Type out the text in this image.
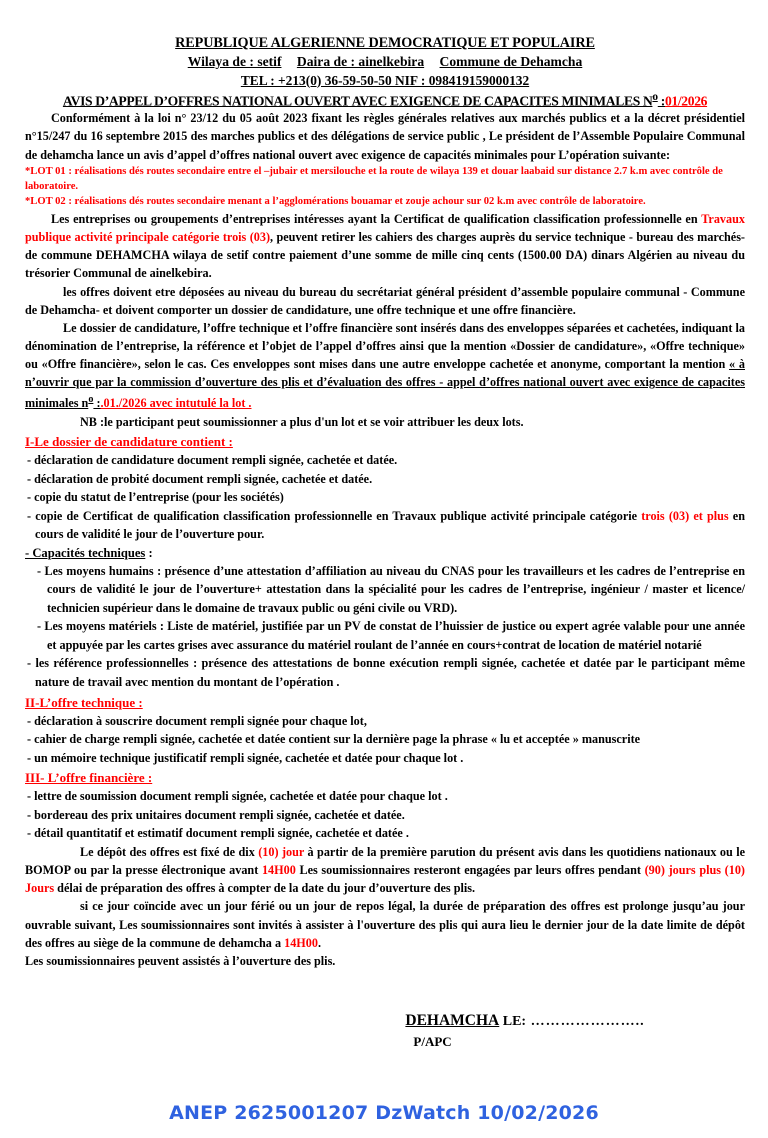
REPUBLIQUE ALGERIENNE DEMOCRATIQUE ET POPULAIRE
Wilaya de : setif Daira de : ainelkebira Commune de Dehamcha
TEL : +213(0) 36-59-50-50 NIF : 098419159000132
AVIS D’APPEL D’OFFRES NATIONAL OUVERT AVEC EXIGENCE DE CAPACITES MINIMALES $N^o$ :01/2026

Conformément à la loi n° 23/12 du 05 août 2023 fixant les règles générales relatives aux marchés publics et a la décret présidentiel n°15/247 du 16 septembre 2015 des marches publics et des délégations de service public , Le président de l’Assemble Populaire Communal de dehamcha lance un avis d’appel d’offres national ouvert avec exigence de capacités minimales pour L’opération suivante:

*LOT 01 : réalisations dés routes secondaire entre el –jubair et mersilouche et la route de wilaya 139 et douar laabaid sur distance 2.7 k.m avec contrôle de laboratoire.

*LOT 02 : réalisations dés routes secondaire menant a l’agglomérations bouamar et zouje achour sur 02 k.m avec contrôle de laboratoire.

Les entreprises ou groupements d’entreprises intéresses ayant la Certificat de qualification classification professionnelle en Travaux publique activité principale catégorie trois (03), peuvent retirer les cahiers des charges auprès du service technique - bureau des marchés- de commune DEHAMCHA wilaya de setif contre paiement d’une somme de mille cinq cents (1500.00 DA) dinars Algérien au niveau du trésorier Communal de ainelkebira.

les offres doivent etre déposées au niveau du bureau du secrétariat général président d’assemble populaire communal - Commune de Dehamcha- et doivent comporter un dossier de candidature, une offre technique et une offre financière.

Le dossier de candidature, l’offre technique et l’offre financière sont insérés dans des enveloppes séparées et cachetées, indiquant la dénomination de l’entreprise, la référence et l’objet de l’appel d’offres ainsi que la mention «Dossier de candidature», «Offre technique» ou «Offre financière», selon le cas. Ces enveloppes sont mises dans une autre enveloppe cachetée et anonyme, comportant la mention « à n’ouvrir que par la commission d’ouverture des plis et d’évaluation des offres - appel d’offres national ouvert avec exigence de capacites minimales $n^o$ :.01./2026 avec intutulé la lot .

NB :le participant peut soumissionner a plus d'un lot et se voir attribuer les deux lots.

I-Le dossier de candidature contient :

- déclaration de candidature document rempli signée, cachetée et datée.

- déclaration de probité document rempli signée, cachetée et datée.

- copie du statut de l’entreprise (pour les sociétés)

- copie de Certificat de qualification classification professionnelle en Travaux publique activité principale catégorie trois (03) et plus en cours de validité le jour de l’ouverture pour.

- Capacités techniques :

- Les moyens humains : présence d’une attestation d’affiliation au niveau du CNAS pour les travailleurs et les cadres de l’entreprise en cours de validité le jour de l’ouverture+ attestation dans la spécialité pour les cadres de l’entreprise, ingénieur / master et licence/ technicien supérieur dans le domaine de travaux public ou géni civile ou VRD).

- Les moyens matériels : Liste de matériel, justifiée par un PV de constat de l’huissier de justice ou expert agrée valable pour une année et appuyée par les cartes grises avec assurance du matériel roulant de l’année en cours+contrat de location de matériel notarié

- les référence professionnelles : présence des attestations de bonne exécution rempli signée, cachetée et datée par le participant même nature de travail avec mention du montant de l’opération .

II-L’offre technique :

- déclaration à souscrire document rempli signée pour chaque lot,

- cahier de charge rempli signée, cachetée et datée contient sur la dernière page la phrase « lu et acceptée » manuscrite

- un mémoire technique justificatif rempli signée, cachetée et datée pour chaque lot .

III- L’offre financière :

- lettre de soumission document rempli signée, cachetée et datée pour chaque lot .

- bordereau des prix unitaires document rempli signée, cachetée et datée.

- détail quantitatif et estimatif document rempli signée, cachetée et datée .

Le dépôt des offres est fixé de dix (10) jour à partir de la première parution du présent avis dans les quotidiens nationaux ou le BOMOP ou par la presse électronique avant 14H00 Les soumissionnaires resteront engagées par leurs offres pendant (90) jours plus (10) Jours délai de préparation des offres à compter de la date du jour d’ouverture des plis.

si ce jour coïncide avec un jour férié ou un jour de repos légal, la durée de préparation des offres est prolonge jusqu’au jour ouvrable suivant, Les soumissionnaires sont invités à assister à l'ouverture des plis qui aura lieu le dernier jour de la date limite de dépôt des offres au siège de la commune de dehamcha a 14H00.

Les soumissionnaires peuvent assistés à l’ouverture des plis.

DEHAMCHA LE: …………………..
P/APC
ANEP 2625001207 DzWatch 10/02/2026
